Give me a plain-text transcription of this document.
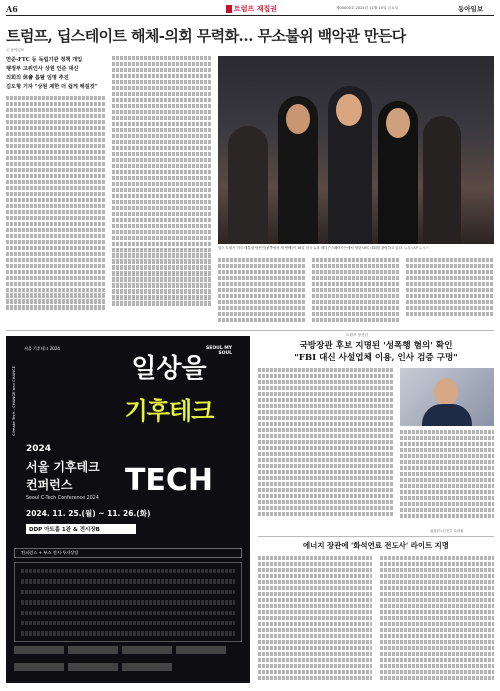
A6	트럼프 재집권	제00000호 2024년 11월 15일 금요일	동아일보
트럼프, 딥스테이트 해체-의회 무력화… 무소불위 백악관 만든다
ⓒ 동아일보
연준-FTC 등 독립기관 정책 개입
행정부 고위인사 상원 인준 대신
의회의 休會 틈탈 임명 추진
김도형 기자 "상원 제한 더 쉽게 해질것"
딥스 트럼프 미국 대통령 당선인(왼쪽에서 세 번째)이 16일 미국 뉴욕 매디슨스퀘어가든에서 열린 UFC 대회를 관람하고 있다. 뉴욕=AP 뉴시스
서울 기후테크 2024	SEOUL MY SOUL
Climate Tech - CHANGE and CHANCE	일상을
기후테크
TECH
2024
서울 기후테크
컨퍼런스
Seoul C-Tech Conference 2024
2024. 11. 25.(월) ~ 11. 26.(화)
DDP 아트홀 1관 & 전시장B
컨퍼런스 + 부스 전시·투자상담
트럼프 당선인
국방장관 후보 지명된 '성폭행 혐의' 확인
"FBI 대신 사설업체 이용, 인사 검증 구멍"
워싱턴=신진우 특파원
에너지 장관에 '화석연료 전도사' 라이트 지명
